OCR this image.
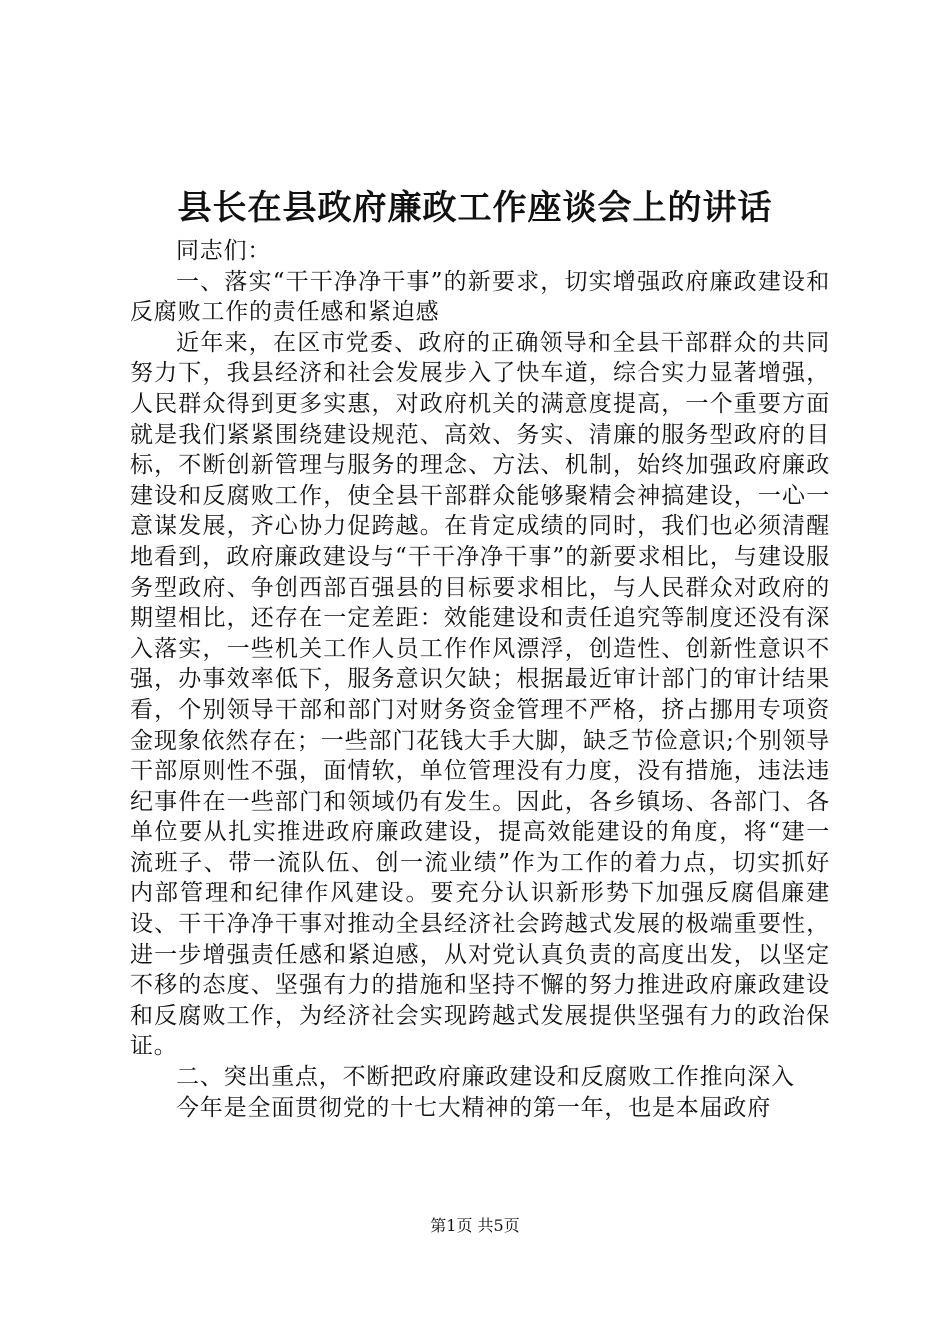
县长在县政府廉政工作座谈会上的讲话

同志们：

一、落实“干干净净干事”的新要求，切实增强政府廉政建设和反腐败工作的责任感和紧迫感

近年来，在区市党委、政府的正确领导和全县干部群众的共同努力下，我县经济和社会发展步入了快车道，综合实力显著增强，人民群众得到更多实惠，对政府机关的满意度提高，一个重要方面就是我们紧紧围绕建设规范、高效、务实、清廉的服务型政府的目标，不断创新管理与服务的理念、方法、机制，始终加强政府廉政建设和反腐败工作，使全县干部群众能够聚精会神搞建设，一心一意谋发展，齐心协力促跨越。在肯定成绩的同时，我们也必须清醒地看到，政府廉政建设与“干干净净干事”的新要求相比，与建设服务型政府、争创西部百强县的目标要求相比，与人民群众对政府的期望相比，还存在一定差距：效能建设和责任追究等制度还没有深入落实，一些机关工作人员工作作风漂浮，创造性、创新性意识不强，办事效率低下，服务意识欠缺；根据最近审计部门的审计结果看，个别领导干部和部门对财务资金管理不严格，挤占挪用专项资金现象依然存在；一些部门花钱大手大脚，缺乏节俭意识;个别领导干部原则性不强，面情软，单位管理没有力度，没有措施，违法违纪事件在一些部门和领域仍有发生。因此，各乡镇场、各部门、各单位要从扎实推进政府廉政建设，提高效能建设的角度，将“建一流班子、带一流队伍、创一流业绩”作为工作的着力点，切实抓好内部管理和纪律作风建设。要充分认识新形势下加强反腐倡廉建设、干干净净干事对推动全县经济社会跨越式发展的极端重要性，进一步增强责任感和紧迫感，从对党认真负责的高度出发，以坚定不移的态度、坚强有力的措施和坚持不懈的努力推进政府廉政建设和反腐败工作，为经济社会实现跨越式发展提供坚强有力的政治保证。

二、突出重点，不断把政府廉政建设和反腐败工作推向深入

今年是全面贯彻党的十七大精神的第一年，也是本届政府

第1页 共5页
